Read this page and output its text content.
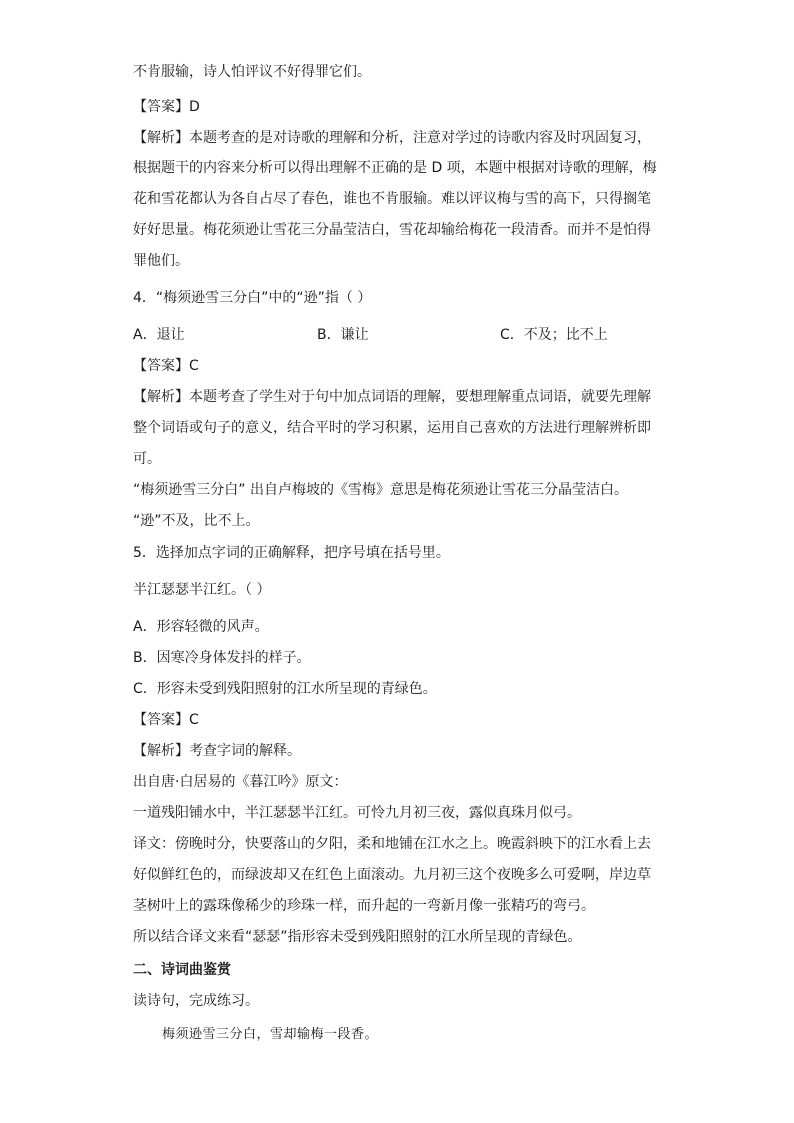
不肯服输，诗人怕评议不好得罪它们。
【答案】D
【解析】本题考查的是对诗歌的理解和分析，注意对学过的诗歌内容及时巩固复习，
根据题干的内容来分析可以得出理解不正确的是 D 项，本题中根据对诗歌的理解，梅
花和雪花都认为各自占尽了春色，谁也不肯服输。难以评议梅与雪的高下，只得搁笔
好好思量。梅花须逊让雪花三分晶莹洁白，雪花却输给梅花一段清香。而并不是怕得
罪他们。
4．“梅须逊雪三分白”中的“逊”指（ ）
A．退让	B．谦让	C．不及；比不上
【答案】C
【解析】本题考查了学生对于句中加点词语的理解，要想理解重点词语，就要先理解
整个词语或句子的意义，结合平时的学习积累，运用自己喜欢的方法进行理解辨析即
可。
“梅须逊雪三分白” 出自卢梅坡的《雪梅》意思是梅花须逊让雪花三分晶莹洁白。
“逊”不及，比不上。
5．选择加点字词的正确解释，把序号填在括号里。
半江瑟瑟半江红。（ ）
A．形容轻微的风声。
B．因寒冷身体发抖的样子。
C．形容未受到残阳照射的江水所呈现的青绿色。
【答案】C
【解析】考查字词的解释。
出自唐·白居易的《暮江吟》原文：
一道残阳铺水中，半江瑟瑟半江红。可怜九月初三夜，露似真珠月似弓。
译文：傍晚时分，快要落山的夕阳，柔和地铺在江水之上。晚霞斜映下的江水看上去
好似鲜红色的，而绿波却又在红色上面滚动。九月初三这个夜晚多么可爱啊，岸边草
茎树叶上的露珠像稀少的珍珠一样，而升起的一弯新月像一张精巧的弯弓。
所以结合译文来看“瑟瑟”指形容未受到残阳照射的江水所呈现的青绿色。
二、诗词曲鉴赏
读诗句，完成练习。
梅须逊雪三分白，雪却输梅一段香。
